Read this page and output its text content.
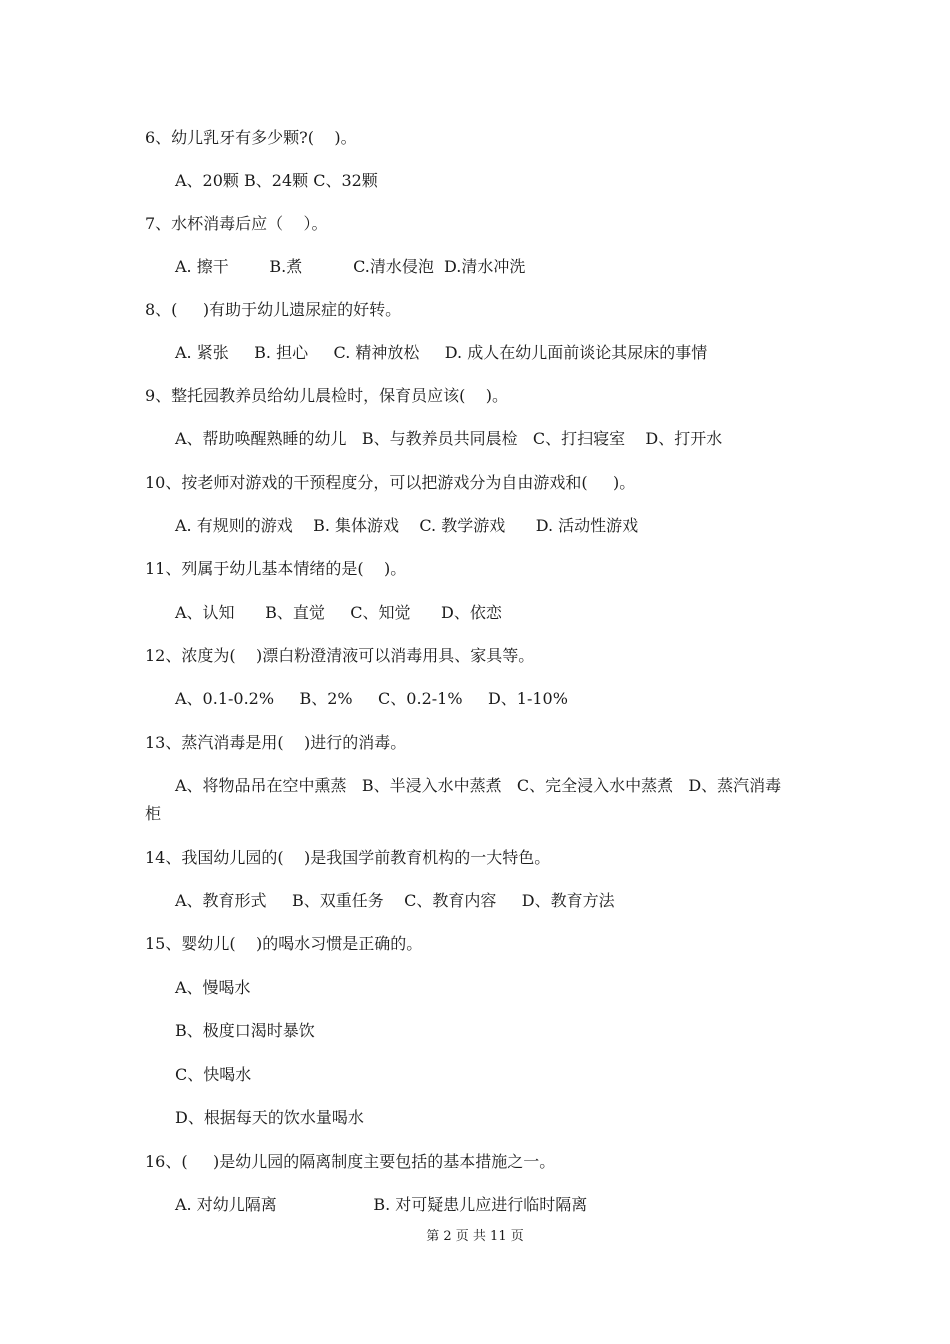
6、幼儿乳牙有多少颗?(    )。

A、20颗 B、24颗 C、32颗

7、水杯消毒后应（    ）。

A. 擦干        B.煮          C.清水侵泡  D.清水冲洗

8、(     )有助于幼儿遗尿症的好转。

A. 紧张     B. 担心     C. 精神放松     D. 成人在幼儿面前谈论其尿床的事情

9、整托园教养员给幼儿晨检时，保育员应该(    )。

A、帮助唤醒熟睡的幼儿   B、与教养员共同晨检   C、打扫寝室    D、打开水

10、按老师对游戏的干预程度分，可以把游戏分为自由游戏和(     )。

A. 有规则的游戏    B. 集体游戏    C. 教学游戏      D. 活动性游戏

11、列属于幼儿基本情绪的是(    )。

A、认知      B、直觉     C、知觉      D、依恋

12、浓度为(    )漂白粉澄清液可以消毒用具、家具等。

A、0.1-0.2%     B、2%     C、0.2-1%     D、1-10%

13、蒸汽消毒是用(    )进行的消毒。

A、将物品吊在空中熏蒸   B、半浸入水中蒸煮   C、完全浸入水中蒸煮   D、蒸汽消毒

柜

14、我国幼儿园的(    )是我国学前教育机构的一大特色。

A、教育形式     B、双重任务    C、教育内容     D、教育方法

15、婴幼儿(    )的喝水习惯是正确的。

A、慢喝水

B、极度口渴时暴饮

C、快喝水

D、根据每天的饮水量喝水

16、(     )是幼儿园的隔离制度主要包括的基本措施之一。

A. 对幼儿隔离                   B. 对可疑患儿应进行临时隔离

第 2 页 共 11 页
